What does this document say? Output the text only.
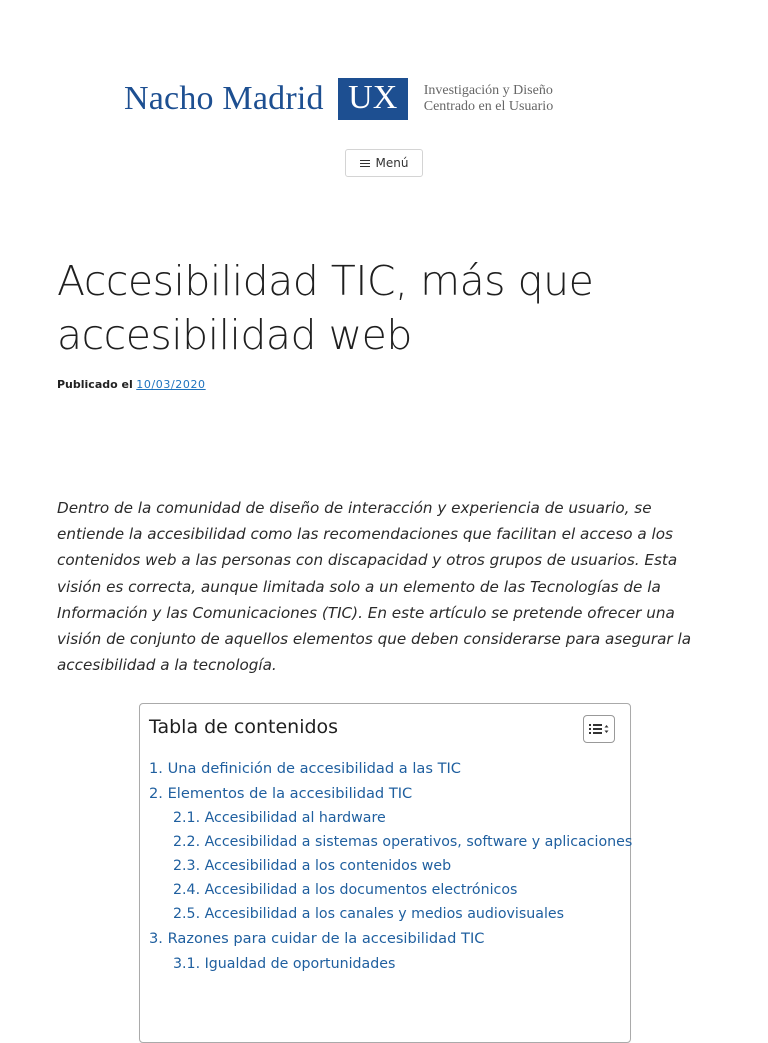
Nacho Madrid UX	Investigación y Diseño
Centrado en el Usuario
Menú
Accesibilidad TIC, más que accesibilidad web
Publicado el 10/03/2020

Dentro de la comunidad de diseño de interacción y experiencia de usuario, se entiende la accesibilidad como las recomendaciones que facilitan el acceso a los contenidos web a las personas con discapacidad y otros grupos de usuarios. Esta visión es correcta, aunque limitada solo a un elemento de las Tecnologías de la Información y las Comunicaciones (TIC). En este artículo se pretende ofrecer una visión de conjunto de aquellos elementos que deben considerarse para asegurar la accesibilidad a la tecnología.

Tabla de contenidos
1. Una definición de accesibilidad a las TIC
2. Elementos de la accesibilidad TIC
2.1. Accesibilidad al hardware
2.2. Accesibilidad a sistemas operativos, software y aplicaciones
2.3. Accesibilidad a los contenidos web
2.4. Accesibilidad a los documentos electrónicos
2.5. Accesibilidad a los canales y medios audiovisuales
3. Razones para cuidar de la accesibilidad TIC
3.1. Igualdad de oportunidades
